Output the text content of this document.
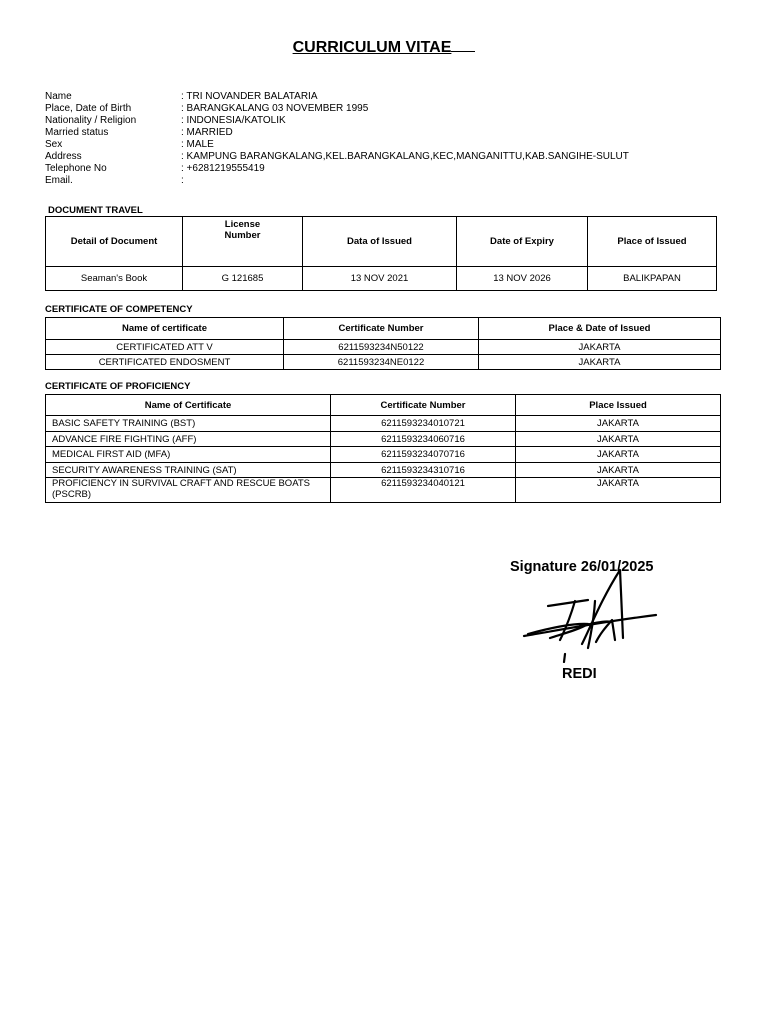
CURRICULUM VITAE
Name	: TRI NOVANDER BALATARIA
Place, Date of Birth	: BARANGKALANG 03 NOVEMBER 1995
Nationality / Religion	: INDONESIA/KATOLIK
Married status	: MARRIED
Sex	: MALE
Address	: KAMPUNG BARANGKALANG,KEL.BARANGKALANG,KEC,MANGANITTU,KAB.SANGIHE-SULUT
Telephone No	: +6281219555419
Email.	:
DOCUMENT TRAVEL
Detail of Document	License Number	Data of Issued	Date of Expiry	Place of Issued
Seaman's Book	G 121685	13 NOV 2021	13 NOV 2026	BALIKPAPAN
CERTIFICATE OF COMPETENCY
Name of certificate	Certificate Number	Place & Date of Issued
CERTIFICATED ATT V	6211593234N50122	JAKARTA
CERTIFICATED ENDOSMENT	6211593234NE0122	JAKARTA
CERTIFICATE OF PROFICIENCY
Name of Certificate	Certificate Number	Place Issued
BASIC SAFETY TRAINING (BST)	6211593234010721	JAKARTA
ADVANCE FIRE FIGHTING (AFF)	6211593234060716	JAKARTA
MEDICAL FIRST AID (MFA)	6211593234070716	JAKARTA
SECURITY AWARENESS TRAINING (SAT)	6211593234310716	JAKARTA
PROFICIENCY IN SURVIVAL CRAFT AND RESCUE BOATS (PSCRB)	6211593234040121	JAKARTA
Signature 26/01/2025
REDI
